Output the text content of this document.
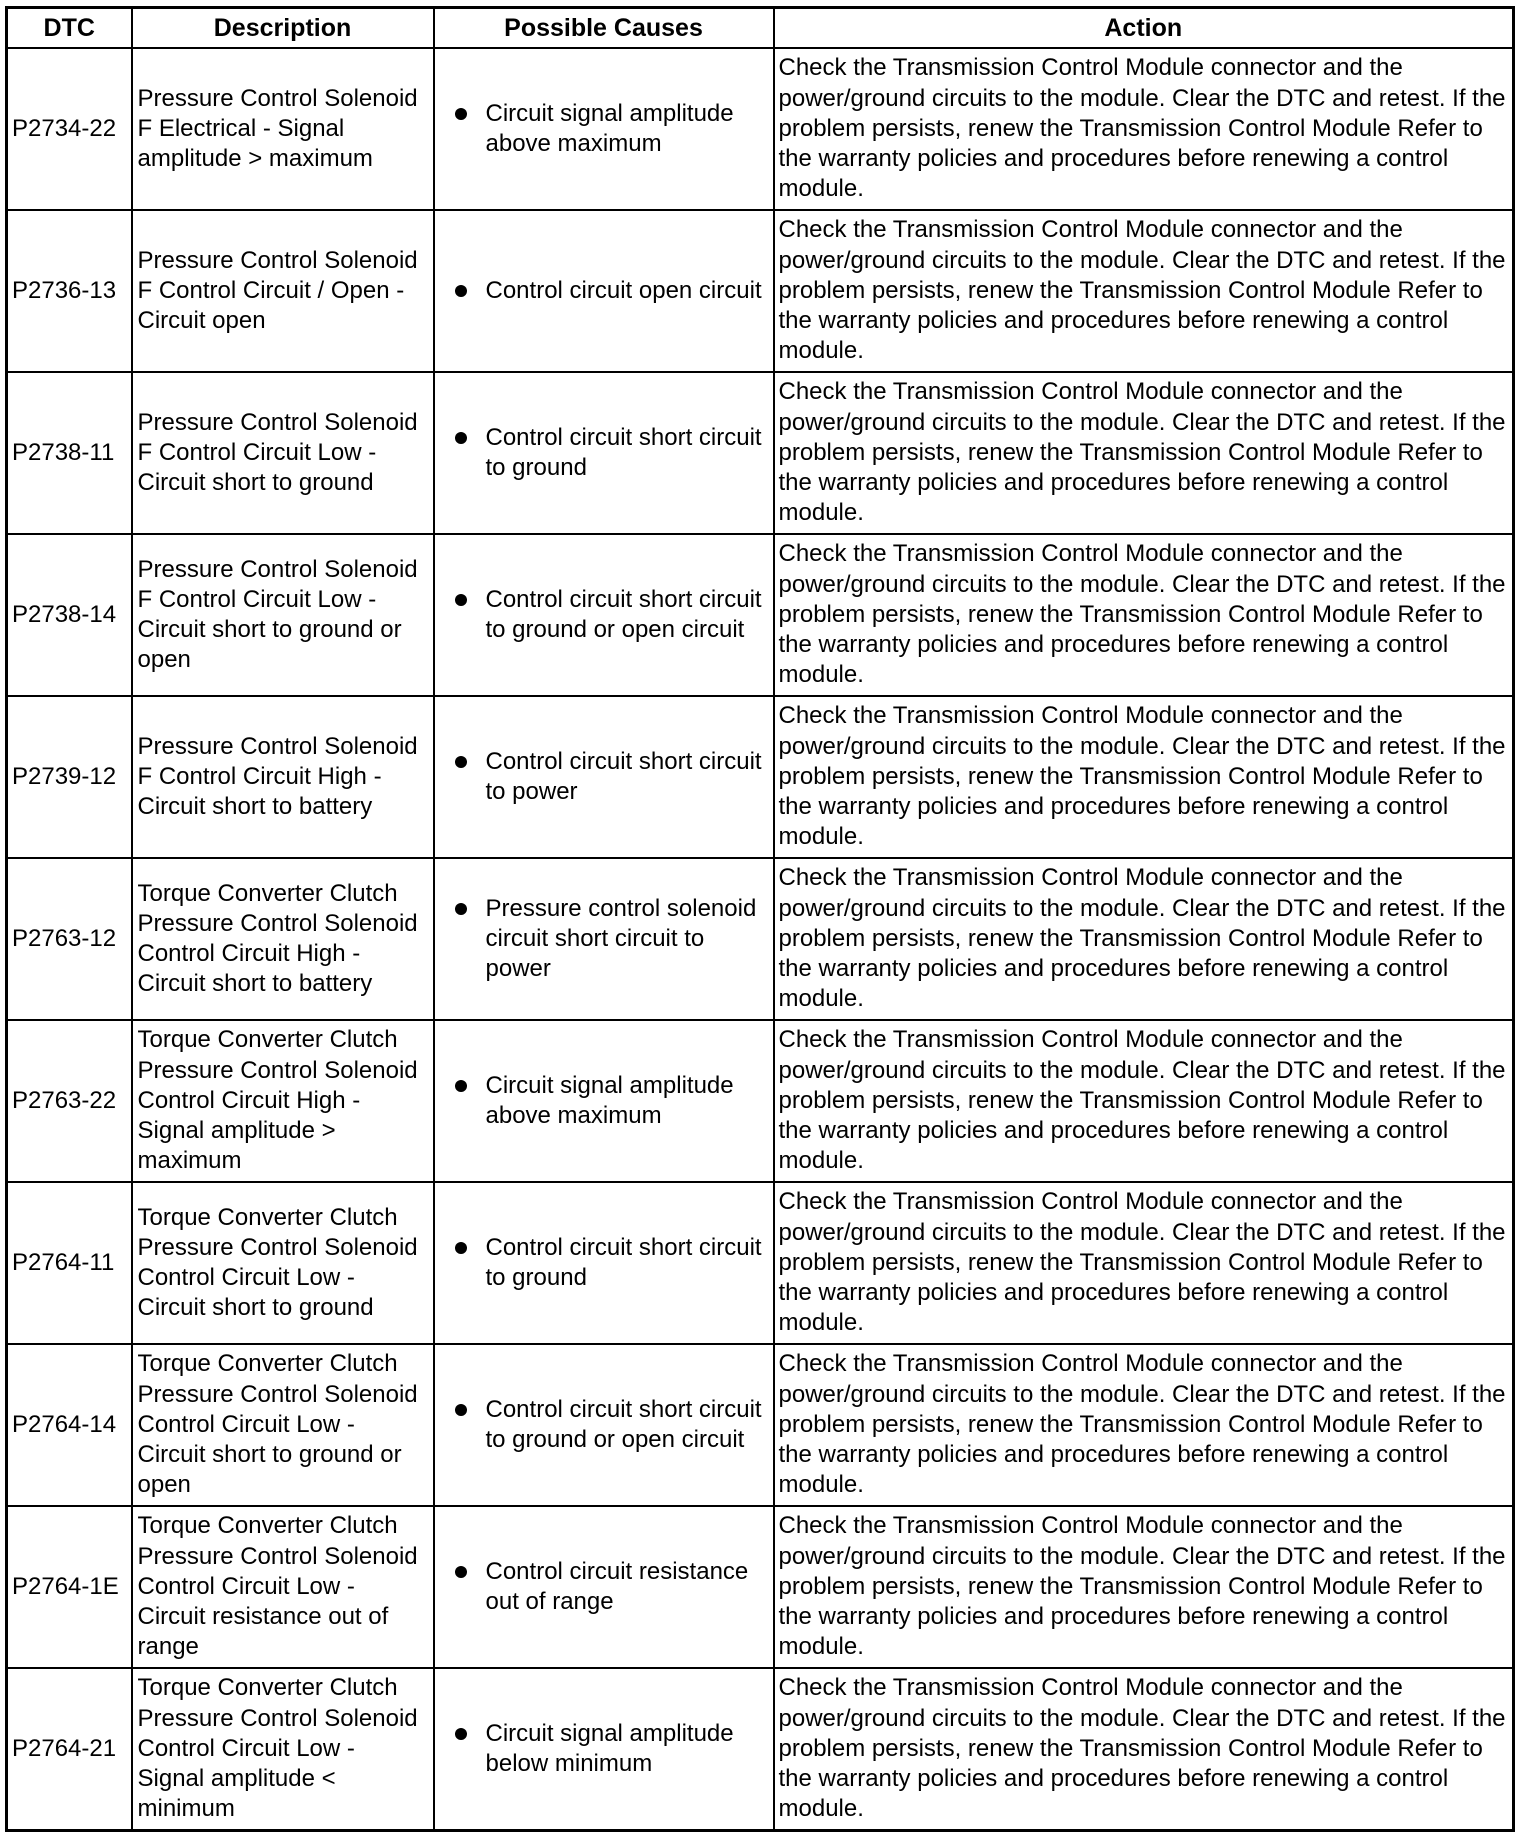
DTC	Description	Possible Causes	Action
P2734-22	Pressure Control Solenoid F Electrical - Signal amplitude > maximum	Circuit signal amplitude above maximum	Check the Transmission Control Module connector and the power/ground circuits to the module. Clear the DTC and retest. If the problem persists, renew the Transmission Control Module Refer to the warranty policies and procedures before renewing a control module.
P2736-13	Pressure Control Solenoid F Control Circuit / Open - Circuit open	Control circuit open circuit	Check the Transmission Control Module connector and the power/ground circuits to the module. Clear the DTC and retest. If the problem persists, renew the Transmission Control Module Refer to the warranty policies and procedures before renewing a control module.
P2738-11	Pressure Control Solenoid F Control Circuit Low - Circuit short to ground	Control circuit short circuit to ground	Check the Transmission Control Module connector and the power/ground circuits to the module. Clear the DTC and retest. If the problem persists, renew the Transmission Control Module Refer to the warranty policies and procedures before renewing a control module.
P2738-14	Pressure Control Solenoid F Control Circuit Low - Circuit short to ground or open	Control circuit short circuit to ground or open circuit	Check the Transmission Control Module connector and the power/ground circuits to the module. Clear the DTC and retest. If the problem persists, renew the Transmission Control Module Refer to the warranty policies and procedures before renewing a control module.
P2739-12	Pressure Control Solenoid F Control Circuit High - Circuit short to battery	Control circuit short circuit to power	Check the Transmission Control Module connector and the power/ground circuits to the module. Clear the DTC and retest. If the problem persists, renew the Transmission Control Module Refer to the warranty policies and procedures before renewing a control module.
P2763-12	Torque Converter Clutch Pressure Control Solenoid Control Circuit High - Circuit short to battery	Pressure control solenoid circuit short circuit to power	Check the Transmission Control Module connector and the power/ground circuits to the module. Clear the DTC and retest. If the problem persists, renew the Transmission Control Module Refer to the warranty policies and procedures before renewing a control module.
P2763-22	Torque Converter Clutch Pressure Control Solenoid Control Circuit High - Signal amplitude > maximum	Circuit signal amplitude above maximum	Check the Transmission Control Module connector and the power/ground circuits to the module. Clear the DTC and retest. If the problem persists, renew the Transmission Control Module Refer to the warranty policies and procedures before renewing a control module.
P2764-11	Torque Converter Clutch Pressure Control Solenoid Control Circuit Low - Circuit short to ground	Control circuit short circuit to ground	Check the Transmission Control Module connector and the power/ground circuits to the module. Clear the DTC and retest. If the problem persists, renew the Transmission Control Module Refer to the warranty policies and procedures before renewing a control module.
P2764-14	Torque Converter Clutch Pressure Control Solenoid Control Circuit Low - Circuit short to ground or open	Control circuit short circuit to ground or open circuit	Check the Transmission Control Module connector and the power/ground circuits to the module. Clear the DTC and retest. If the problem persists, renew the Transmission Control Module Refer to the warranty policies and procedures before renewing a control module.
P2764-1E	Torque Converter Clutch Pressure Control Solenoid Control Circuit Low - Circuit resistance out of range	Control circuit resistance out of range	Check the Transmission Control Module connector and the power/ground circuits to the module. Clear the DTC and retest. If the problem persists, renew the Transmission Control Module Refer to the warranty policies and procedures before renewing a control module.
P2764-21	Torque Converter Clutch Pressure Control Solenoid Control Circuit Low - Signal amplitude < minimum	Circuit signal amplitude below minimum	Check the Transmission Control Module connector and the power/ground circuits to the module. Clear the DTC and retest. If the problem persists, renew the Transmission Control Module Refer to the warranty policies and procedures before renewing a control module.
